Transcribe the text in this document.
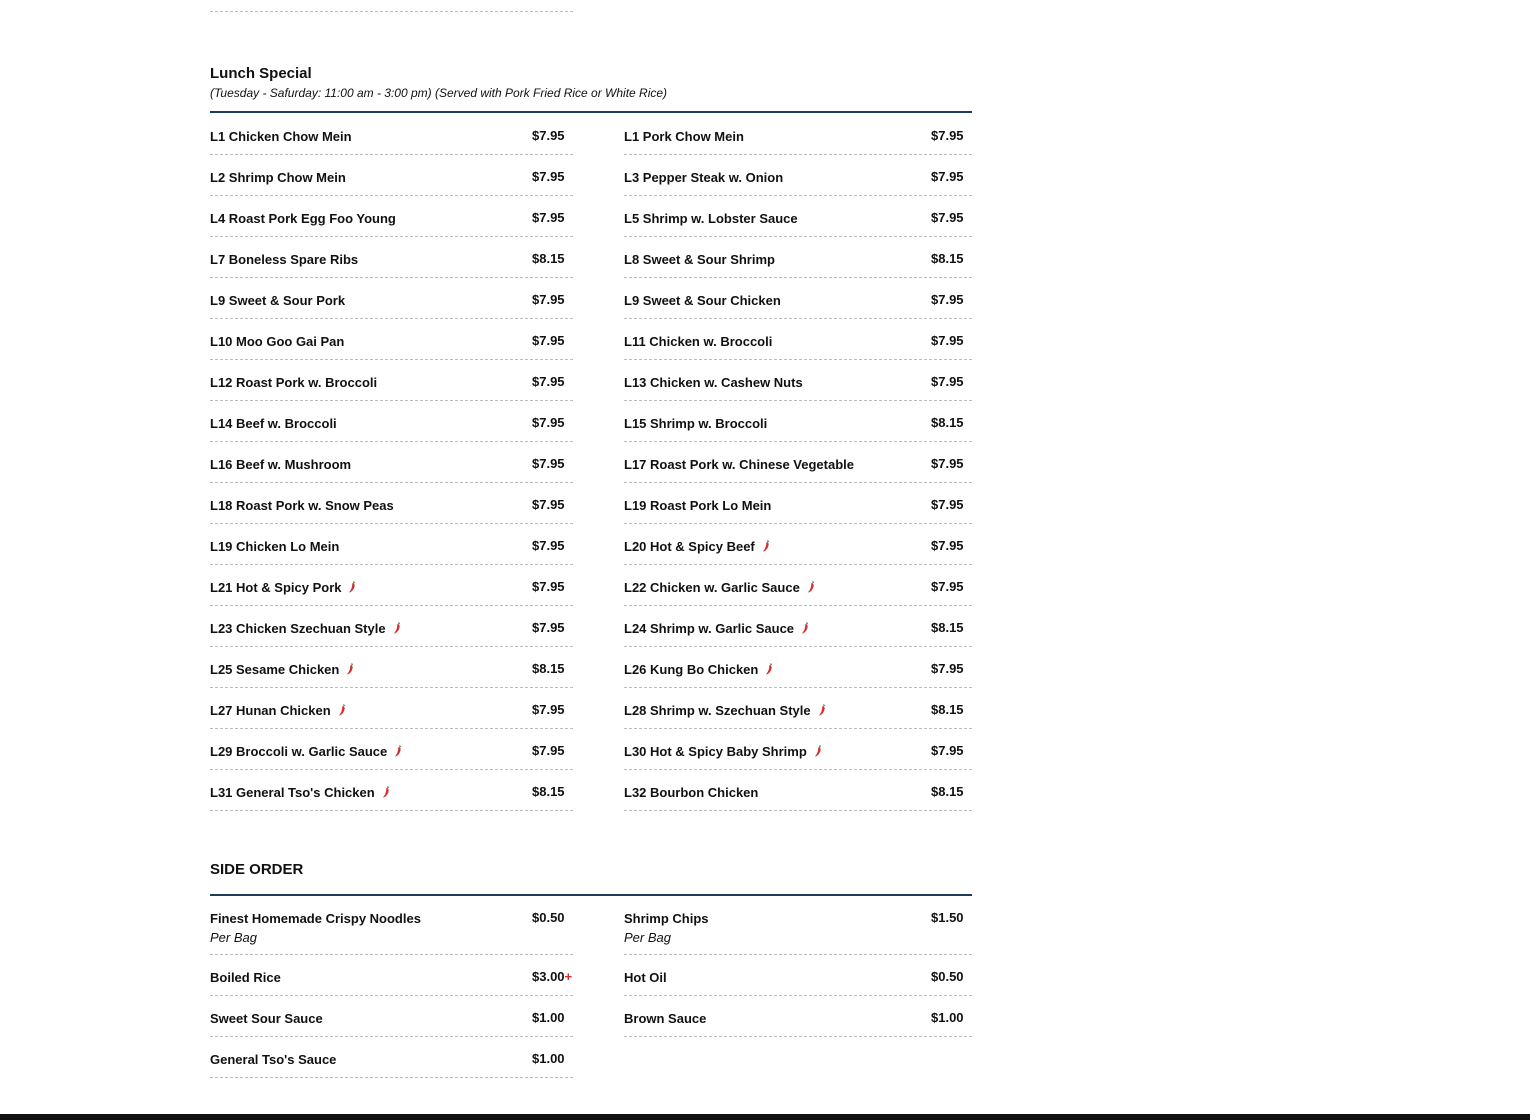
Lunch Special
(Tuesday - Safurday: 11:00 am - 3:00 pm) (Served with Pork Fried Rice or White Rice)
L1 Chicken Chow Mein	$7.95
L2 Shrimp Chow Mein	$7.95
L4 Roast Pork Egg Foo Young	$7.95
L7 Boneless Spare Ribs	$8.15
L9 Sweet & Sour Pork	$7.95
L10 Moo Goo Gai Pan	$7.95
L12 Roast Pork w. Broccoli	$7.95
L14 Beef w. Broccoli	$7.95
L16 Beef w. Mushroom	$7.95
L18 Roast Pork w. Snow Peas	$7.95
L19 Chicken Lo Mein	$7.95
L21 Hot & Spicy Pork	$7.95
L23 Chicken Szechuan Style	$7.95
L25 Sesame Chicken	$8.15
L27 Hunan Chicken	$7.95
L29 Broccoli w. Garlic Sauce	$7.95
L31 General Tso's Chicken	$8.15
L1 Pork Chow Mein	$7.95
L3 Pepper Steak w. Onion	$7.95
L5 Shrimp w. Lobster Sauce	$7.95
L8 Sweet & Sour Shrimp	$8.15
L9 Sweet & Sour Chicken	$7.95
L11 Chicken w. Broccoli	$7.95
L13 Chicken w. Cashew Nuts	$7.95
L15 Shrimp w. Broccoli	$8.15
L17 Roast Pork w. Chinese Vegetable	$7.95
L19 Roast Pork Lo Mein	$7.95
L20 Hot & Spicy Beef	$7.95
L22 Chicken w. Garlic Sauce	$7.95
L24 Shrimp w. Garlic Sauce	$8.15
L26 Kung Bo Chicken	$7.95
L28 Shrimp w. Szechuan Style	$8.15
L30 Hot & Spicy Baby Shrimp	$7.95
L32 Bourbon Chicken	$8.15
SIDE ORDER
Finest Homemade Crispy Noodles
Per Bag
$0.50
Boiled Rice	$3.00+
Sweet Sour Sauce	$1.00
General Tso's Sauce	$1.00
Shrimp Chips
Per Bag
$1.50
Hot Oil	$0.50
Brown Sauce	$1.00
